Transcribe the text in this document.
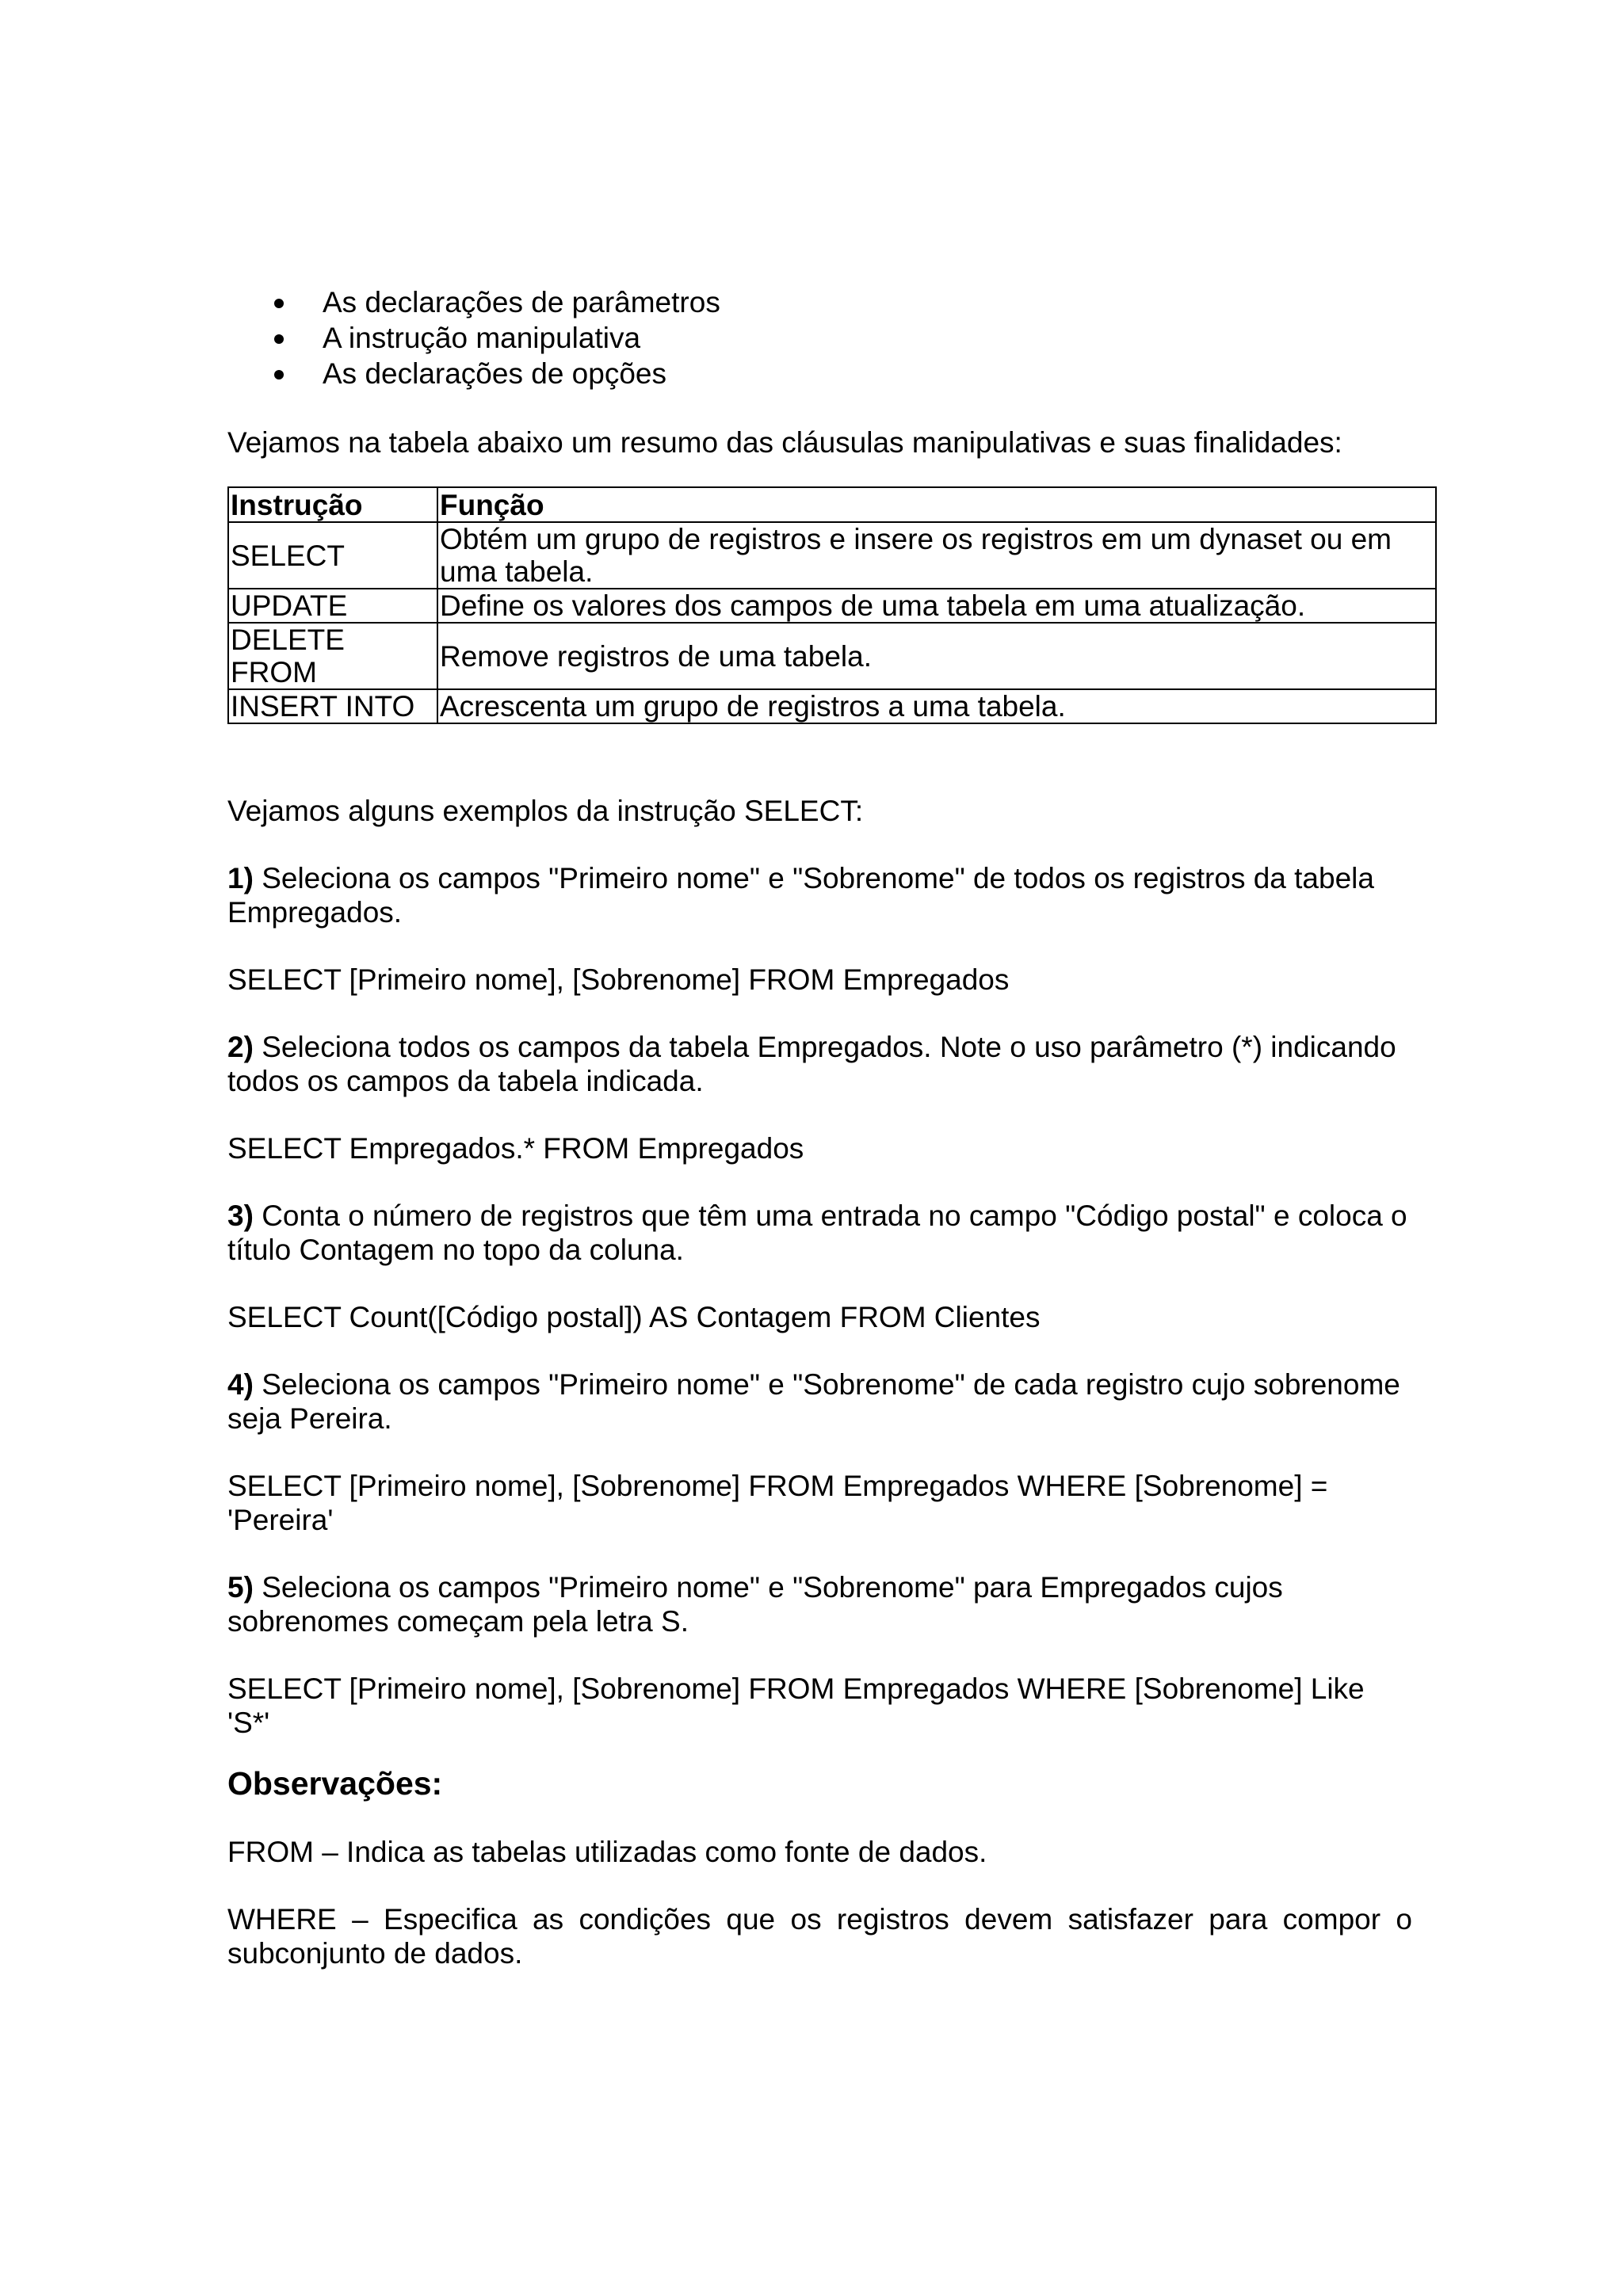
As declarações de parâmetros
A instrução manipulativa
As declarações de opções

Vejamos na tabela abaixo um resumo das cláusulas manipulativas e suas finalidades:

Instrução	Função
SELECT	Obtém um grupo de registros e insere os registros em um dynaset ou em uma tabela.
UPDATE	Define os valores dos campos de uma tabela em uma atualização.
DELETE FROM	Remove registros de uma tabela.
INSERT INTO	Acrescenta um grupo de registros a uma tabela.

Vejamos alguns exemplos da instrução SELECT:

1) Seleciona os campos "Primeiro nome" e "Sobrenome" de todos os registros da tabela Empregados.

SELECT [Primeiro nome], [Sobrenome] FROM Empregados

2) Seleciona todos os campos da tabela Empregados. Note o uso parâmetro (*) indicando todos os campos da tabela indicada.

SELECT Empregados.* FROM Empregados

3) Conta o número de registros que têm uma entrada no campo "Código postal" e coloca o título Contagem no topo da coluna.

SELECT Count([Código postal]) AS Contagem FROM Clientes

4) Seleciona os campos "Primeiro nome" e "Sobrenome" de cada registro cujo sobrenome seja Pereira.

SELECT [Primeiro nome], [Sobrenome] FROM Empregados WHERE [Sobrenome] = 'Pereira'

5) Seleciona os campos "Primeiro nome" e "Sobrenome" para Empregados cujos sobrenomes começam pela letra S.

SELECT [Primeiro nome], [Sobrenome] FROM Empregados WHERE [Sobrenome] Like 'S*'

Observações:

FROM – Indica as tabelas utilizadas como fonte de dados.

WHERE – Especifica as condições que os registros devem satisfazer para compor o subconjunto de dados.
